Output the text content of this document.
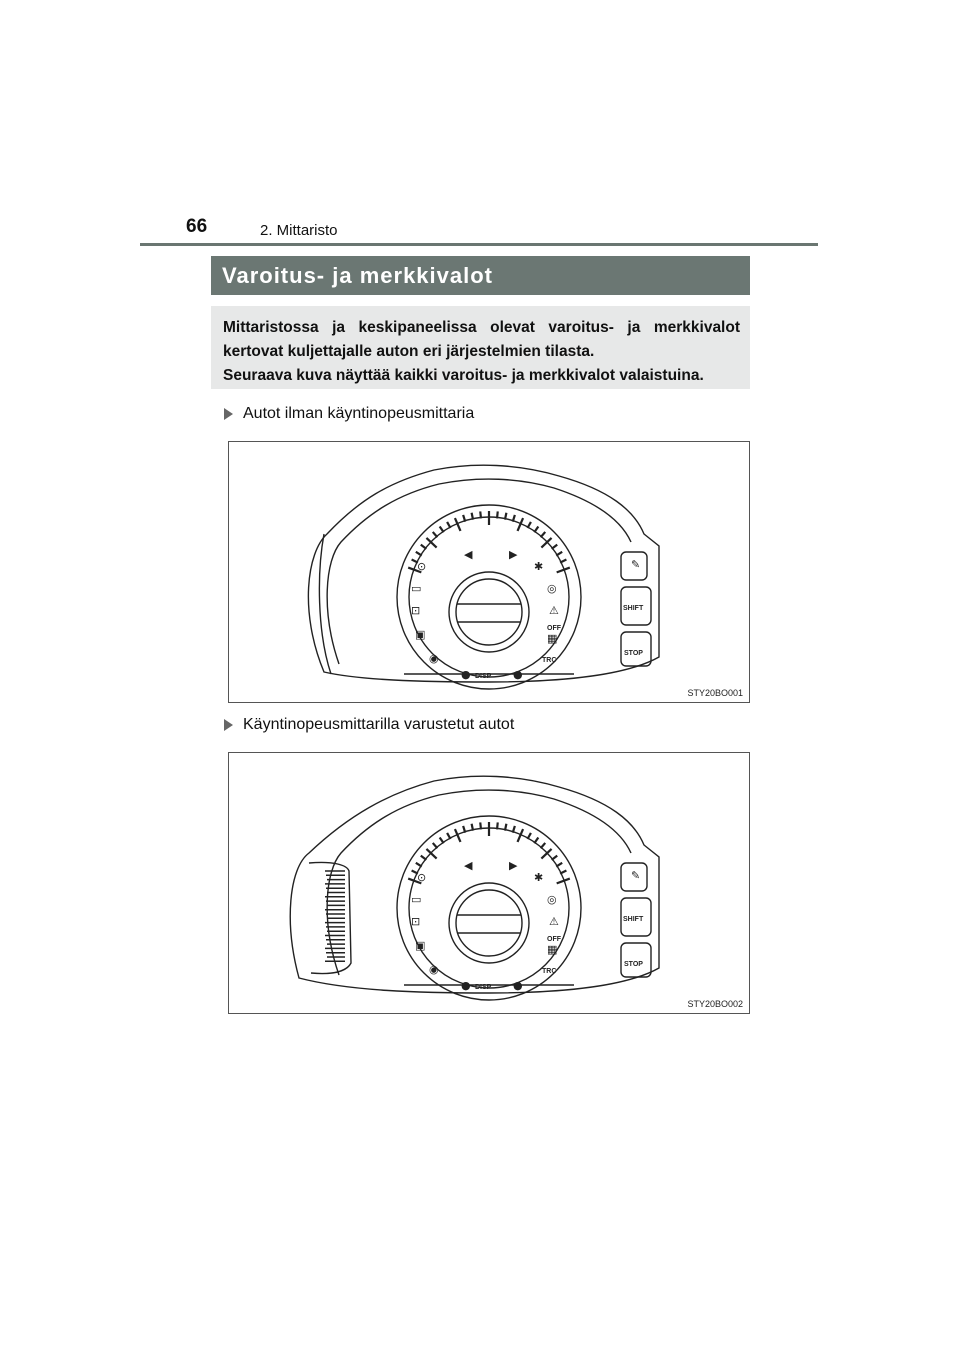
66	2. Mittaristo
Varoitus- ja merkkivalot
Mittaristossa ja keskipaneelissa olevat varoitus- ja merkkivalot
kertovat kuljettajalle auton eri järjestelmien tilasta.
Seuraava kuva näyttää kaikki varoitus- ja merkkivalot valaistuina.
Autot ilman käyntinopeusmittaria
◀	▶
⊙	✱
▭	◎
⊡	⚠
▣
◉
▦
●	●
✎
DISP
SHIFT
STOP
OFF
TRC
STY20BO001
Käyntinopeusmittarilla varustetut autot
◀	▶
⊙	✱
▭	◎
⊡	⚠
▣
◉
▦
●	●
✎
DISP
SHIFT
STOP
OFF
TRC
STY20BO002
